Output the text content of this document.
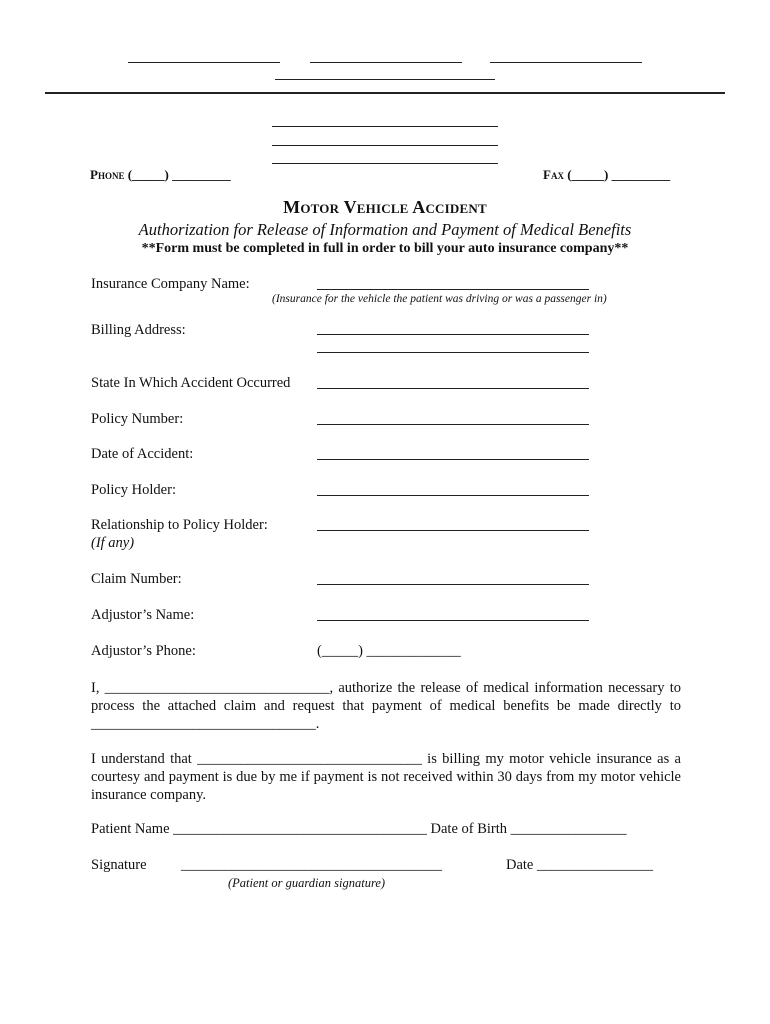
Phone (_____) _________	Fax (_____) _________
Motor Vehicle Accident
Authorization for Release of Information and Payment of Medical Benefits
**Form must be completed in full in order to bill your auto insurance company**
Insurance Company Name:
(Insurance for the vehicle the patient was driving or was a passenger in)
Billing Address:
State In Which Accident Occurred
Policy Number:
Date of Accident:
Policy Holder:
Relationship to Policy Holder:
(If any)
Claim Number:
Adjustor’s Name:
Adjustor’s Phone:	(_____) _____________
I, _______________________________, authorize the release of medical information necessary to process the attached claim and request that payment of medical benefits be made directly to _______________________________.
I understand that _______________________________ is billing my motor vehicle insurance as a courtesy and payment is due by me if payment is not received within 30 days from my motor vehicle insurance company.
Patient Name ___________________________________ Date of Birth ________________
Signature ____________________________________	Date ________________
(Patient or guardian signature)
